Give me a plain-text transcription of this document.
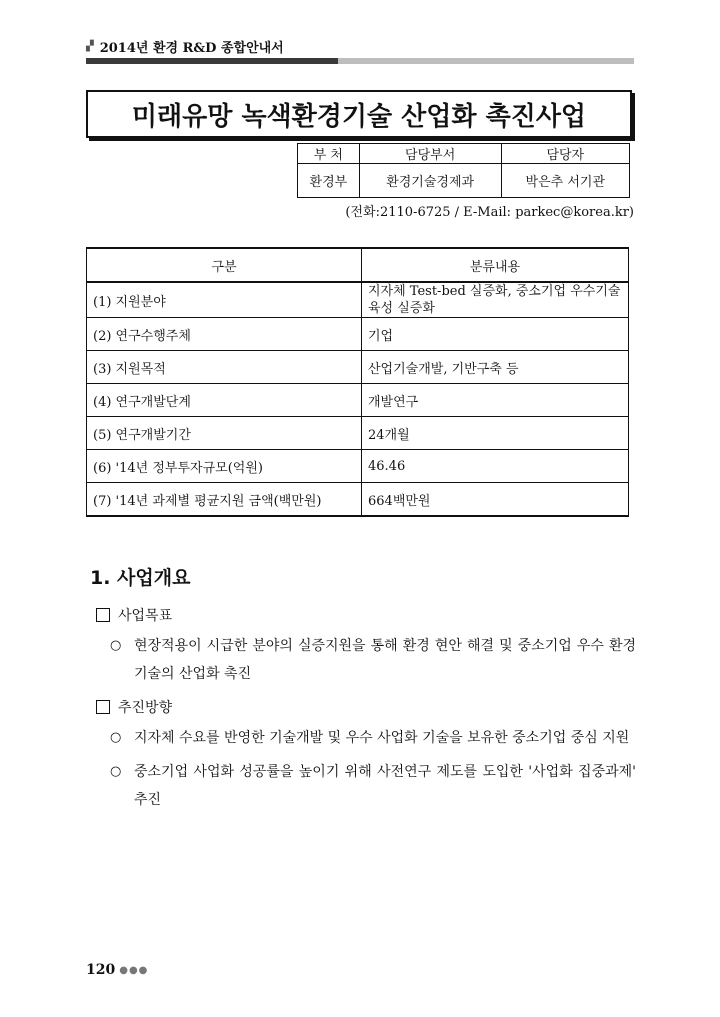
▞ 2014년 환경 R&D 종합안내서
미래유망 녹색환경기술 산업화 촉진사업
부 처	담당부서	담당자
환경부	환경기술경제과	박은추 서기관
(전화:2110-6725 / E-Mail: parkec@korea.kr)
구분	분류내용
(1) 지원분야	지자체 Test-bed 실증화, 중소기업 우수기술 육성 실증화
(2) 연구수행주체	기업
(3) 지원목적	산업기술개발, 기반구축 등
(4) 연구개발단계	개발연구
(5) 연구개발기간	24개월
(6) '14년 정부투자규모(억원)	46.46
(7) '14년 과제별 평균지원 금액(백만원)	664백만원
1. 사업개요
사업목표
○ 현장적용이 시급한 분야의 실증지원을 통해 환경 현안 해결 및 중소기업 우수 환경기술의 산업화 촉진
추진방향
○ 지자체 수요를 반영한 기술개발 및 우수 사업화 기술을 보유한 중소기업 중심 지원
○ 중소기업 사업화 성공률을 높이기 위해 사전연구 제도를 도입한 '사업화 집중과제' 추진
120 ●●●
